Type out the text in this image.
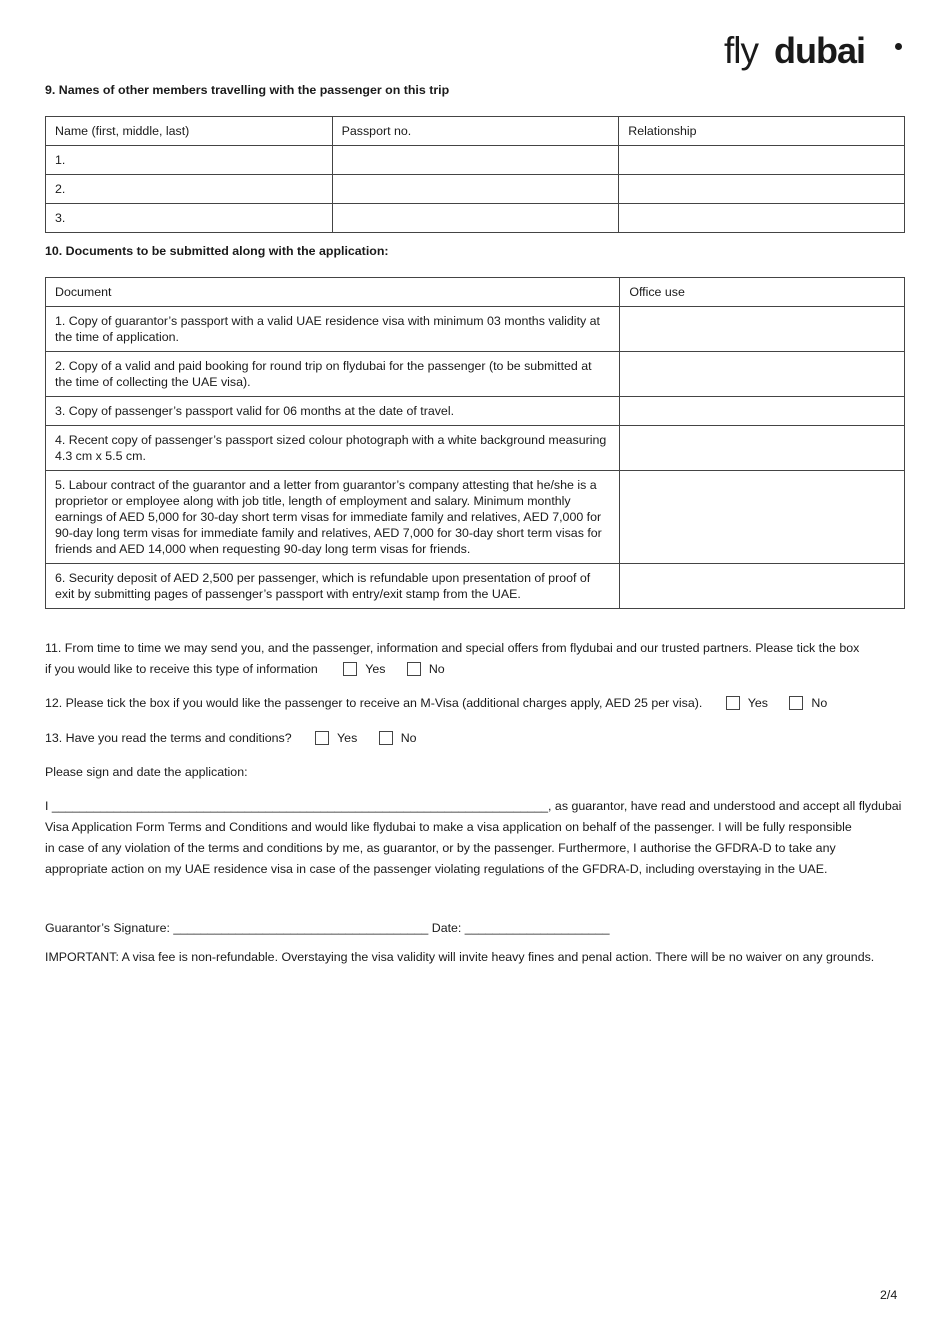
fly dubai
9. Names of other members travelling with the passenger on this trip
Name (first, middle, last)	Passport no.	Relationship
1.		
2.		
3.		
10. Documents to be submitted along with the application:
Document	Office use
1. Copy of guarantor’s passport with a valid UAE residence visa with minimum 03 months validity at the time of application.	
2. Copy of a valid and paid booking for round trip on flydubai for the passenger (to be submitted at the time of collecting the UAE visa).	
3. Copy of passenger’s passport valid for 06 months at the date of travel.	
4. Recent copy of passenger’s passport sized colour photograph with a white background measuring 4.3 cm x 5.5 cm.	
5. Labour contract of the guarantor and a letter from guarantor’s company attesting that he/she is a proprietor or employee along with job title, length of employment and salary. Minimum monthly earnings of AED 5,000 for 30-day short term visas for immediate family and relatives, AED 7,000 for 90-day long term visas for immediate family and relatives, AED 7,000 for 30-day short term visas for friends and AED 14,000 when requesting 90-day long term visas for friends.	
6. Security deposit of AED 2,500 per passenger, which is refundable upon presentation of proof of exit by submitting pages of passenger’s passport with entry/exit stamp from the UAE.	
11. From time to time we may send you, and the passenger, information and special offers from flydubai and our trusted partners. Please tick the box
if you would like to receive this type of information	Yes	No
12. Please tick the box if you would like the passenger to receive an M-Visa (additional charges apply, AED 25 per visa).	Yes	No
13. Have you read the terms and conditions?	Yes	No
Please sign and date the application:
I ________________________________________________________________________, as guarantor, have read and understood and accept all flydubai
Visa Application Form Terms and Conditions and would like flydubai to make a visa application on behalf of the passenger. I will be fully responsible
in case of any violation of the terms and conditions by me, as guarantor, or by the passenger. Furthermore, I authorise the GFDRA-D to take any
appropriate action on my UAE residence visa in case of the passenger violating regulations of the GFDRA-D, including overstaying in the UAE.
Guarantor’s Signature: _____________________________________ Date: _____________________
IMPORTANT: A visa fee is non-refundable. Overstaying the visa validity will invite heavy fines and penal action. There will be no waiver on any grounds.
2/4
